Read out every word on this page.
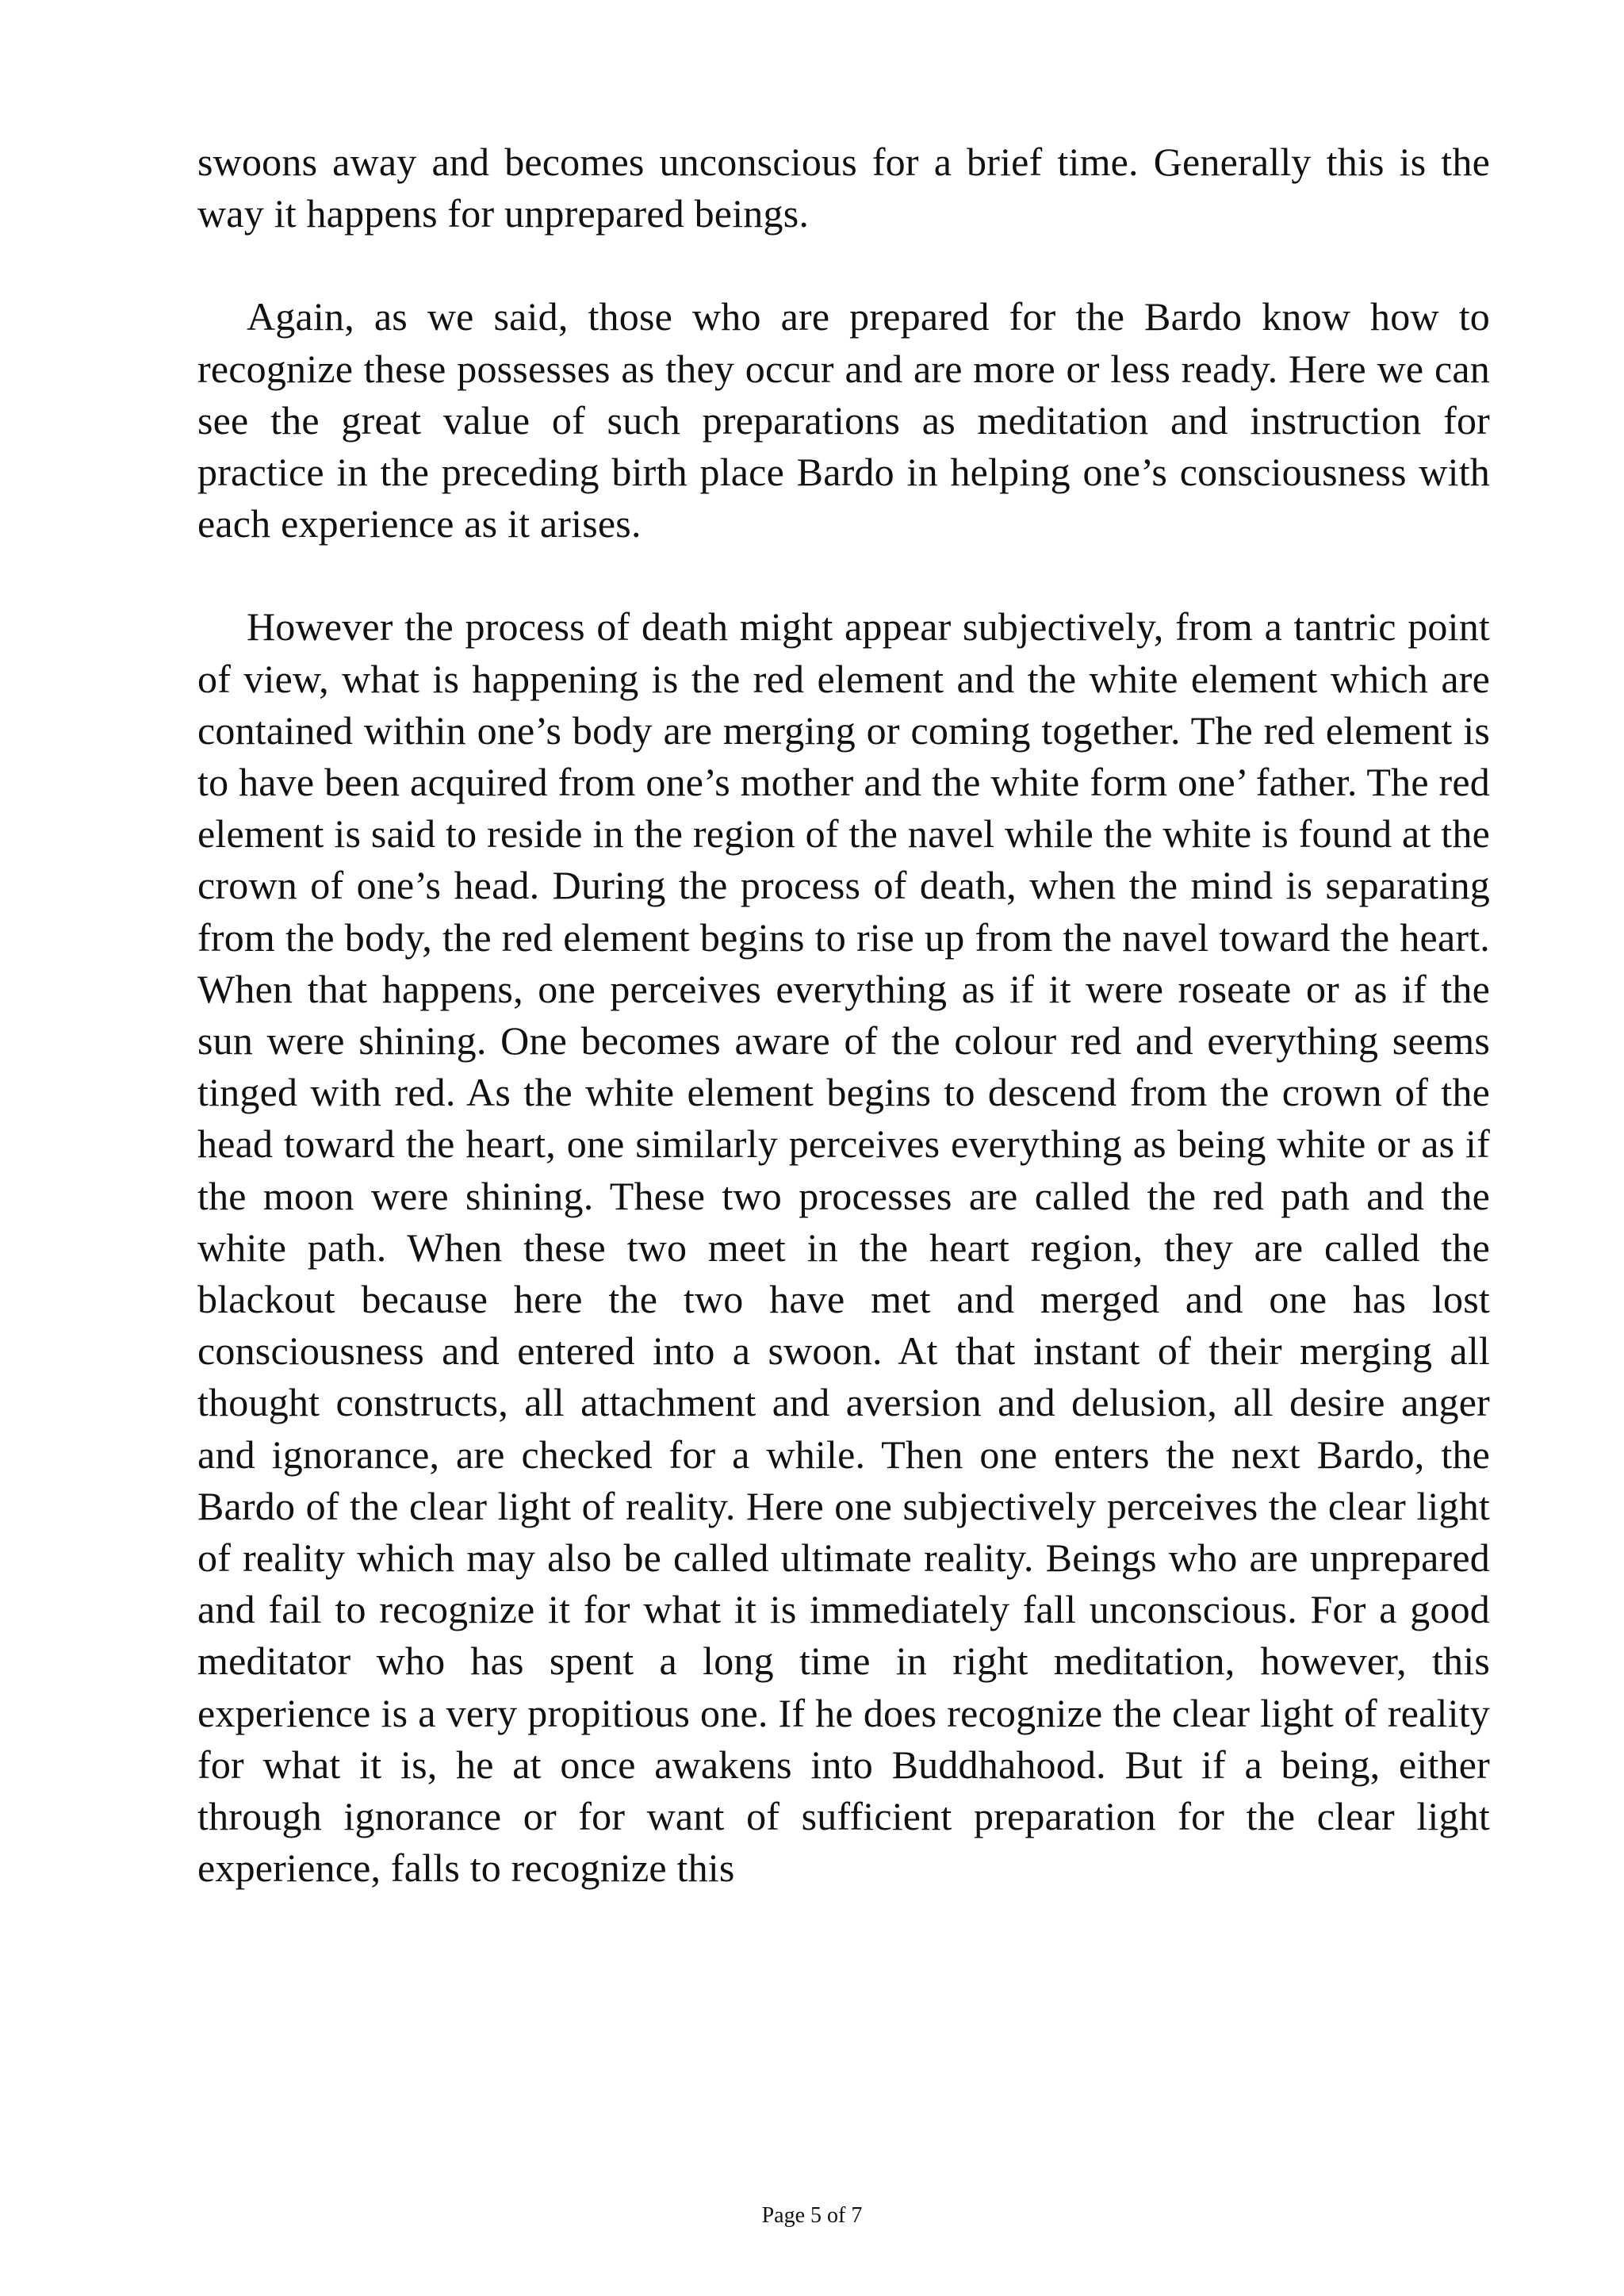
swoons away and becomes unconscious for a brief time. Generally this is the way it happens for unprepared beings.

Again, as we said, those who are prepared for the Bardo know how to recognize these possesses as they occur and are more or less ready. Here we can see the great value of such preparations as meditation and instruction for practice in the preceding birth place Bardo in helping one’s consciousness with each experience as it arises.

However the process of death might appear subjectively, from a tantric point of view, what is happening is the red element and the white element which are contained within one’s body are merging or coming together. The red element is to have been acquired from one’s mother and the white form one’ father. The red element is said to reside in the region of the navel while the white is found at the crown of one’s head. During the process of death, when the mind is separating from the body, the red element begins to rise up from the navel toward the heart. When that happens, one perceives everything as if it were roseate or as if the sun were shining. One becomes aware of the colour red and everything seems tinged with red. As the white element begins to descend from the crown of the head toward the heart, one similarly perceives everything as being white or as if the moon were shining. These two processes are called the red path and the white path. When these two meet in the heart region, they are called the blackout because here the two have met and merged and one has lost consciousness and entered into a swoon. At that instant of their merging all thought constructs, all attachment and aversion and delusion, all desire anger and ignorance, are checked for a while. Then one enters the next Bardo, the Bardo of the clear light of reality. Here one subjectively perceives the clear light of reality which may also be called ultimate reality. Beings who are unprepared and fail to recognize it for what it is immediately fall unconscious. For a good meditator who has spent a long time in right meditation, however, this experience is a very propitious one. If he does recognize the clear light of reality for what it is, he at once awakens into Buddhahood. But if a being, either through ignorance or for want of sufficient preparation for the clear light experience, falls to recognize this

Page 5 of 7
